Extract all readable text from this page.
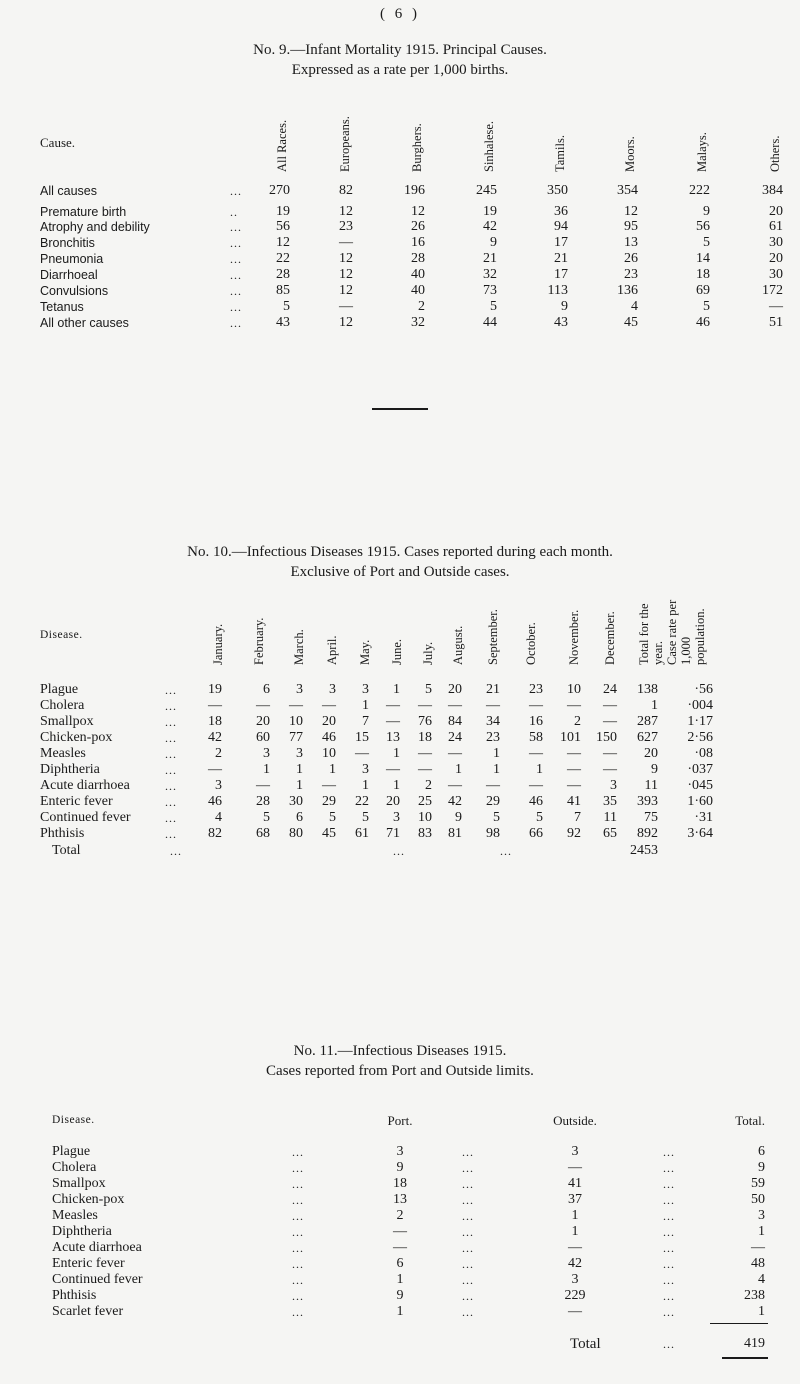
( 6 )
No. 9.—Infant Mortality 1915. Principal Causes.
Expressed as a rate per 1,000 births.
Cause.	All Races.	Europeans.	Burghers.	Sinhalese.	Tamils.	Moors.	Malays.	Others.
All causes	...	270	82	196	245	350	354	222	384
Premature birth	..	19	12	12	19	36	12	9	20
Atrophy and debility	...	56	23	26	42	94	95	56	61
Bronchitis	...	12	—	16	9	17	13	5	30
Pneumonia	...	22	12	28	21	21	26	14	20
Diarrhoeal	...	28	12	40	32	17	23	18	30
Convulsions	...	85	12	40	73	113	136	69	172
Tetanus	...	5	—	2	5	9	4	5	—
All other causes	...	43	12	32	44	43	45	46	51
No. 10.—Infectious Diseases 1915. Cases reported during each month.
Exclusive of Port and Outside cases.
Disease.	January. February. March. April. May. June. July. August. September. October. November. December. Total for the year. Case rate per 1,000 population.
Plague	...	19	6	3	3	3	1	5	20	21	23	10	24	138	·56
Cholera	...	—	—	—	—	1	—	—	—	—	—	—	—	1	·004
Smallpox	...	18	20	10	20	7	—	76	84	34	16	2	—	287	1·17
Chicken-pox	...	42	60	77	46	15	13	18	24	23	58	101	150	627	2·56
Measles	...	2	3	3	10	—	1	—	—	1	—	—	—	20	·08
Diphtheria	...	—	1	1	1	3	—	—	1	1	1	—	—	9	·037
Acute diarrhoea	...	3	—	1	—	1	1	2	—	—	—	—	3	11	·045
Enteric fever	...	46	28	30	29	22	20	25	42	29	46	41	35	393	1·60
Continued fever	...	4	5	6	5	5	3	10	9	5	5	7	11	75	·31
Phthisis	...	82	68	80	45	61	71	83	81	98	66	92	65	892	3·64
Total	...	...	...	2453
No. 11.—Infectious Diseases 1915.
Cases reported from Port and Outside limits.
Disease.	Port.	Outside.	Total.
Plague	...	3	...	3	...	6
Cholera	...	9	...	—	...	9
Smallpox	...	18	...	41	...	59
Chicken-pox	...	13	...	37	...	50
Measles	...	2	...	1	...	3
Diphtheria	...	—	...	1	...	1
Acute diarrhoea	...	—	...	—	...	—
Enteric fever	...	6	...	42	...	48
Continued fever	...	1	...	3	...	4
Phthisis	...	9	...	229	...	238
Scarlet fever	...	1	...	—	...	1
Total	...	419
